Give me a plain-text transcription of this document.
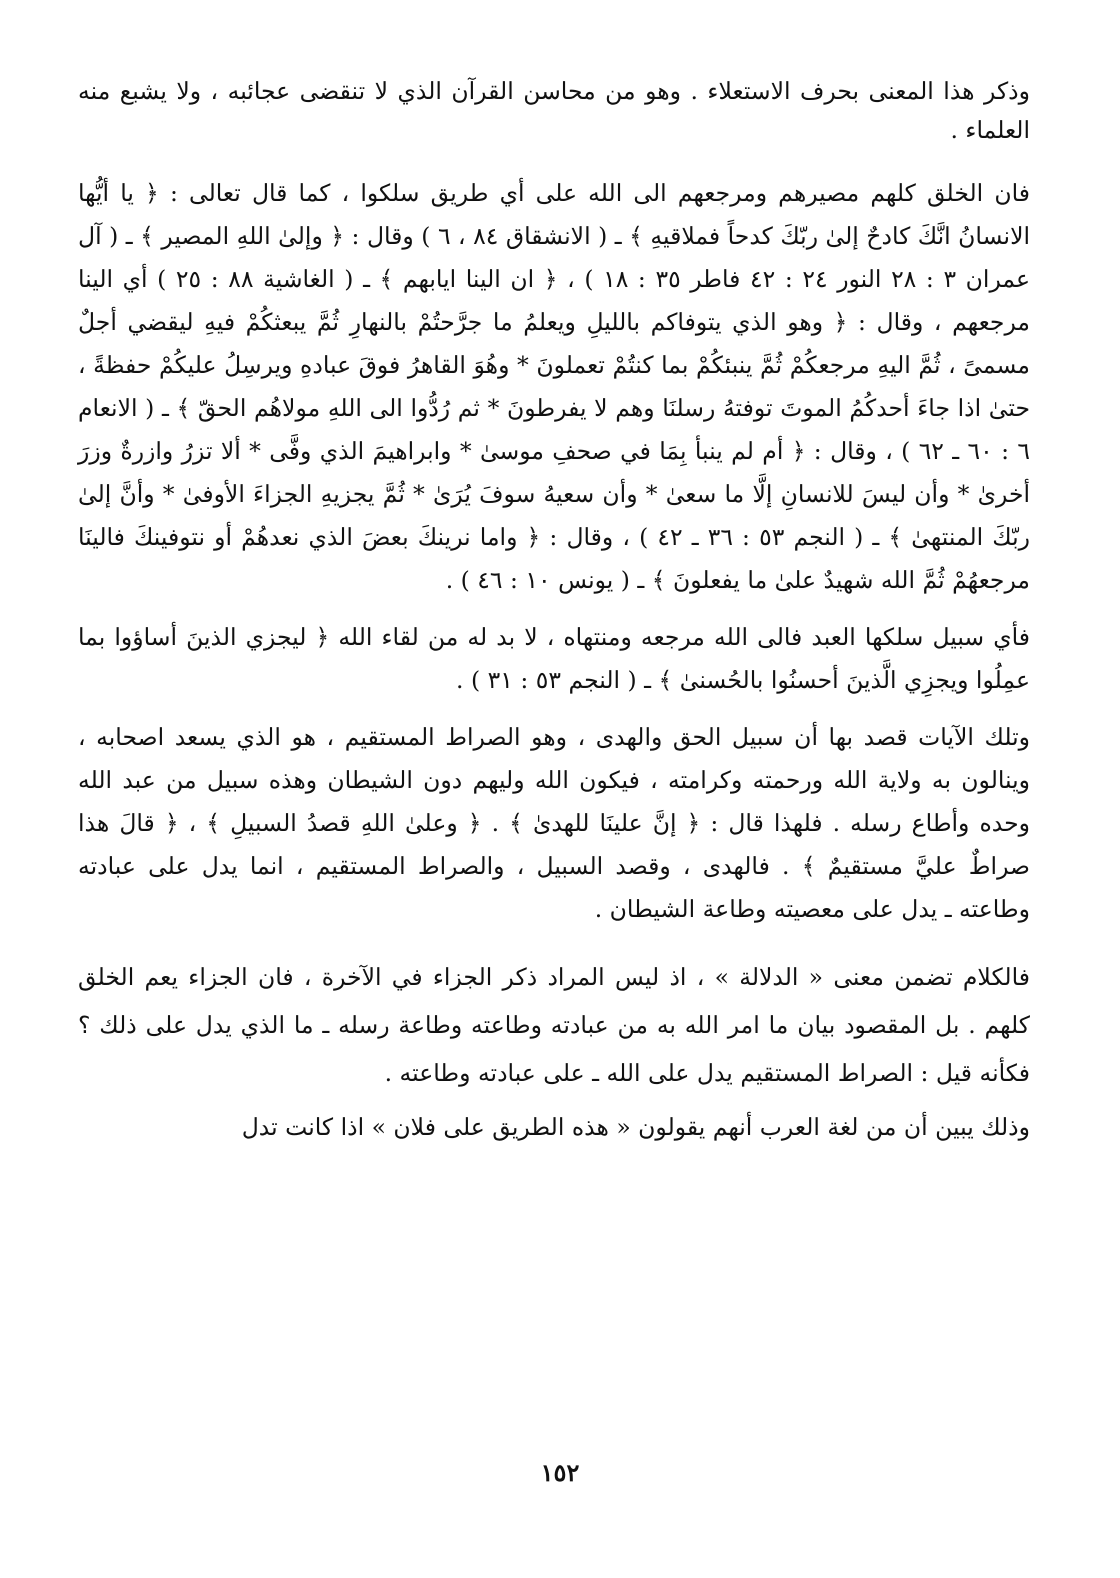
وذكر هذا المعنى بحرف الاستعلاء . وهو من محاسن القرآن الذي لا تنقضى عجائبه ، ولا يشبع منه العلماء .

فان الخلق كلهم مصيرهم ومرجعهم الى الله على أي طريق سلكوا ، كما قال تعالى : ﴿ يا أيُّها الانسانُ انَّكَ كادحٌ إلىٰ ربّكَ كدحاً فملاقيهِ ﴾ ـ ( الانشقاق ٨٤ ، ٦ ) وقال : ﴿ وإلىٰ اللهِ المصير ﴾ ـ ( آل عمران ٣ : ٢٨ النور ٢٤ : ٤٢ فاطر ٣٥ : ١٨ ) ، ﴿ ان الينا ايابهم ﴾ ـ ( الغاشية ٨٨ : ٢٥ ) أي الينا مرجعهم ، وقال : ﴿ وهو الذي يتوفاكم بالليلِ ويعلمُ ما جرَّحتُمْ بالنهارِ ثُمَّ يبعثكُمْ فيهِ ليقضي أجلٌ مسمىً ، ثُمَّ اليهِ مرجعكُمْ ثُمَّ ينبئكُمْ بما كنتُمْ تعملونَ * وهُوَ القاهرُ فوقَ عبادهِ ويرسِلُ عليكُمْ حفظةً ، حتىٰ اذا جاءَ أحدكُمُ الموتَ توفتهُ رسلنَا وهم لا يفرطونَ * ثم رُدُّوا الى اللهِ مولاهُم الحقّ ﴾ ـ ( الانعام ٦ : ٦٠ ـ ٦٢ ) ، وقال : ﴿ أم لم ينبأ بِمَا في صحفِ موسىٰ * وابراهيمَ الذي وفَّى * ألا تزرُ وازرةٌ وزرَ أخرىٰ * وأن ليسَ للانسانِ إلَّا ما سعىٰ * وأن سعيهُ سوفَ يُرَىٰ * ثُمَّ يجزيهِ الجزاءَ الأوفىٰ * وأنَّ إلىٰ ربّكَ المنتهىٰ ﴾ ـ ( النجم ٥٣ : ٣٦ ـ ٤٢ ) ، وقال : ﴿ واما نرينكَ بعضَ الذي نعدهُمْ أو نتوفينكَ فالينَا مرجعهُمْ ثُمَّ الله شهيدٌ علىٰ ما يفعلونَ ﴾ ـ ( يونس ١٠ : ٤٦ ) .

فأي سبيل سلكها العبد فالى الله مرجعه ومنتهاه ، لا بد له من لقاء الله ﴿ ليجزي الذينَ أساؤوا بما عمِلُوا ويجزِي الَّذينَ أحسنُوا بالحُسنىٰ ﴾ ـ ( النجم ٥٣ : ٣١ ) .

وتلك الآيات قصد بها أن سبيل الحق والهدى ، وهو الصراط المستقيم ، هو الذي يسعد اصحابه ، وينالون به ولاية الله ورحمته وكرامته ، فيكون الله وليهم دون الشيطان وهذه سبيل من عبد الله وحده وأطاع رسله . فلهذا قال : ﴿ إنَّ علينَا للهدىٰ ﴾ . ﴿ وعلىٰ اللهِ قصدُ السبيلِ ﴾ ، ﴿ قالَ هذا صراطٌ عليَّ مستقيمٌ ﴾ . فالهدى ، وقصد السبيل ، والصراط المستقيم ، انما يدل على عبادته وطاعته ـ يدل على معصيته وطاعة الشيطان .

فالكلام تضمن معنى « الدلالة » ، اذ ليس المراد ذكر الجزاء في الآخرة ، فان الجزاء يعم الخلق كلهم . بل المقصود بيان ما امر الله به من عبادته وطاعته وطاعة رسله ـ ما الذي يدل على ذلك ؟ فكأنه قيل : الصراط المستقيم يدل على الله ـ على عبادته وطاعته .

وذلك يبين أن من لغة العرب أنهم يقولون « هذه الطريق على فلان » اذا كانت تدل

١٥٢
